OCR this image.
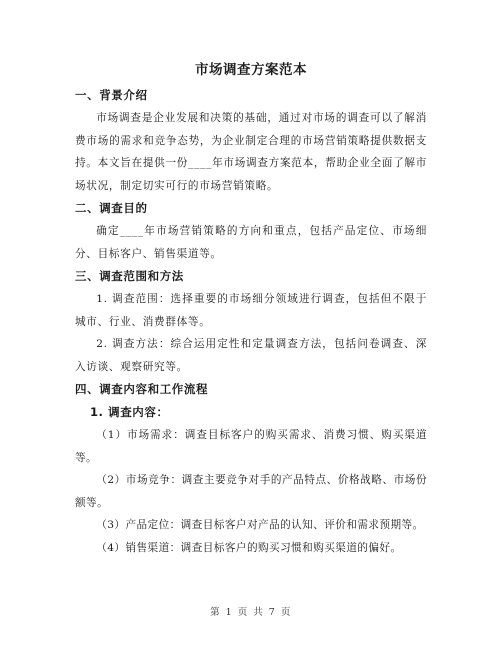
市场调查方案范本
一、背景介绍

市场调查是企业发展和决策的基础，通过对市场的调查可以了解消费市场的需求和竞争态势，为企业制定合理的市场营销策略提供数据支持。本文旨在提供一份____年市场调查方案范本，帮助企业全面了解市场状况，制定切实可行的市场营销策略。

二、调查目的

确定____年市场营销策略的方向和重点，包括产品定位、市场细分、目标客户、销售渠道等。

三、调查范围和方法

1. 调查范围：选择重要的市场细分领域进行调查，包括但不限于城市、行业、消费群体等。

2. 调查方法：综合运用定性和定量调查方法，包括问卷调查、深入访谈、观察研究等。

四、调查内容和工作流程
1. 调查内容：

（1）市场需求：调查目标客户的购买需求、消费习惯、购买渠道等。

（2）市场竞争：调查主要竞争对手的产品特点、价格战略、市场份额等。

（3）产品定位：调查目标客户对产品的认知、评价和需求预期等。

（4）销售渠道：调查目标客户的购买习惯和购买渠道的偏好。

第 1 页 共 7 页
